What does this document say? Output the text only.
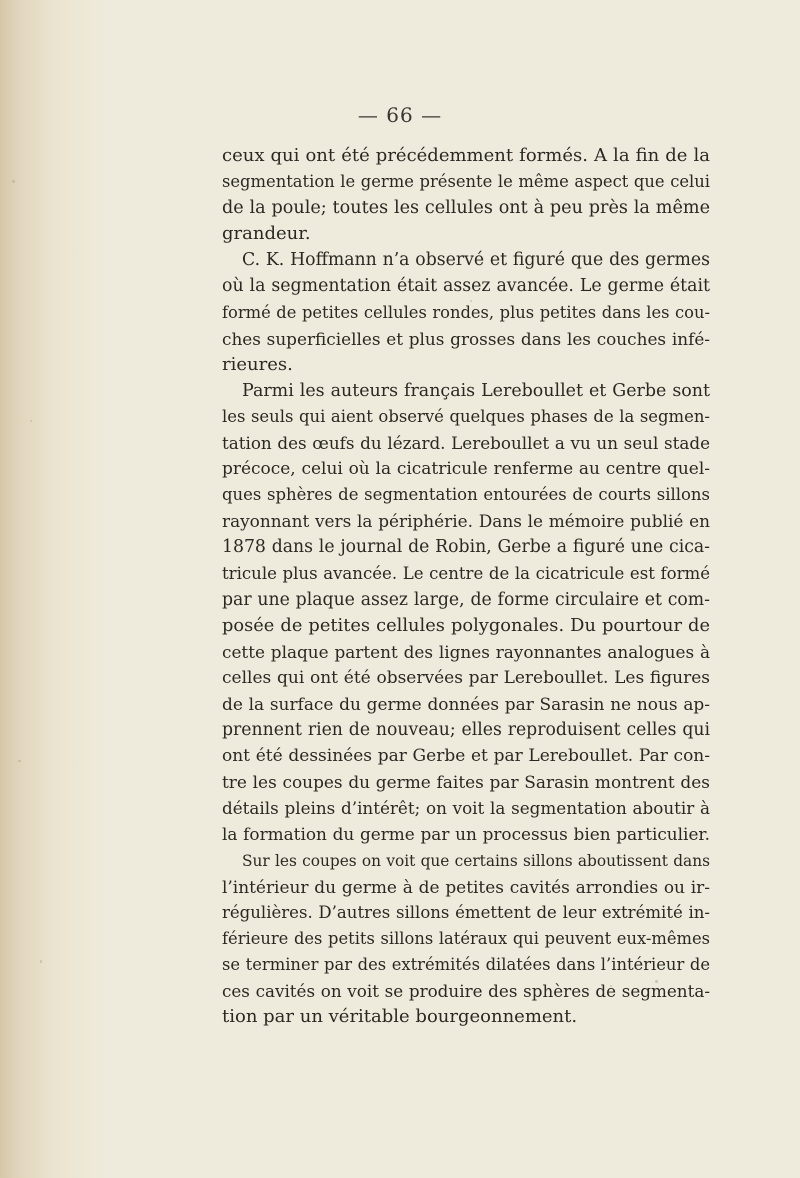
— 66 —
ceux qui ont été précédemment formés. A la fin de la
segmentation le germe présente le même aspect que celui
de la poule; toutes les cellules ont à peu près la même
grandeur.
C. K. Hoffmann n’a observé et figuré que des germes
où la segmentation était assez avancée. Le germe était
formé de petites cellules rondes, plus petites dans les cou-
ches superficielles et plus grosses dans les couches infé-
rieures.
Parmi les auteurs français Lereboullet et Gerbe sont
les seuls qui aient observé quelques phases de la segmen-
tation des œufs du lézard. Lereboullet a vu un seul stade
précoce, celui où la cicatricule renferme au centre quel-
ques sphères de segmentation entourées de courts sillons
rayonnant vers la périphérie. Dans le mémoire publié en
1878 dans le journal de Robin, Gerbe a figuré une cica-
tricule plus avancée. Le centre de la cicatricule est formé
par une plaque assez large, de forme circulaire et com-
posée de petites cellules polygonales. Du pourtour de
cette plaque partent des lignes rayonnantes analogues à
celles qui ont été observées par Lereboullet. Les figures
de la surface du germe données par Sarasin ne nous ap-
prennent rien de nouveau; elles reproduisent celles qui
ont été dessinées par Gerbe et par Lereboullet. Par con-
tre les coupes du germe faites par Sarasin montrent des
détails pleins d’intérêt; on voit la segmentation aboutir à
la formation du germe par un processus bien particulier.
Sur les coupes on voit que certains sillons aboutissent dans
l’intérieur du germe à de petites cavités arrondies ou ir-
régulières. D’autres sillons émettent de leur extrémité in-
férieure des petits sillons latéraux qui peuvent eux-mêmes
se terminer par des extrémités dilatées dans l’intérieur de
ces cavités on voit se produire des sphères de segmenta-
tion par un véritable bourgeonnement.
